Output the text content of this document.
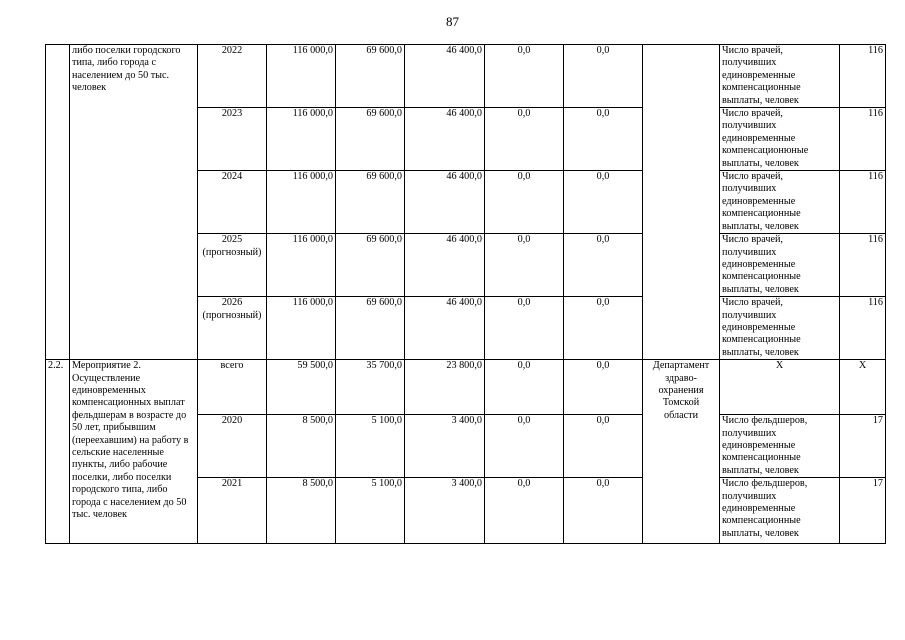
87
	либо поселки городского типа, либо города с населением до 50 тыс. человек	2022	116 000,0	69 600,0	46 400,0	0,0	0,0		Число врачей, получивших единовременные компенсационные выплаты, человек	116
		2023	116 000,0	69 600,0	46 400,0	0,0	0,0		Число врачей, получивших единовременные компенсационюные выплаты, человек	116
		2024	116 000,0	69 600,0	46 400,0	0,0	0,0		Число врачей, получивших единовременные компенсационные выплаты, человек	116
		2025 (прогнозный)	116 000,0	69 600,0	46 400,0	0,0	0,0		Число врачей, получивших единовременные компенсационные выплаты, человек	116
		2026 (прогнозный)	116 000,0	69 600,0	46 400,0	0,0	0,0		Число врачей, получивших единовременные компенсационные выплаты, человек	116
2.2.	Мероприятие 2. Осуществление единовременных компенсационных выплат фельдшерам в возрасте до 50 лет, прибывшим (переехавшим) на работу в сельские населенные пункты, либо рабочие поселки, либо поселки городского типа, либо города с населением до 50 тыс. человек	всего	59 500,0	35 700,0	23 800,0	0,0	0,0	Департамент здраво-охранения Томской области	Х	Х
		2020	8 500,0	5 100,0	3 400,0	0,0	0,0		Число фельдшеров, получивших единовременные компенсационные выплаты, человек	17
		2021	8 500,0	5 100,0	3 400,0	0,0	0,0		Число фельдшеров, получивших единовременные компенсационные выплаты, человек	17
